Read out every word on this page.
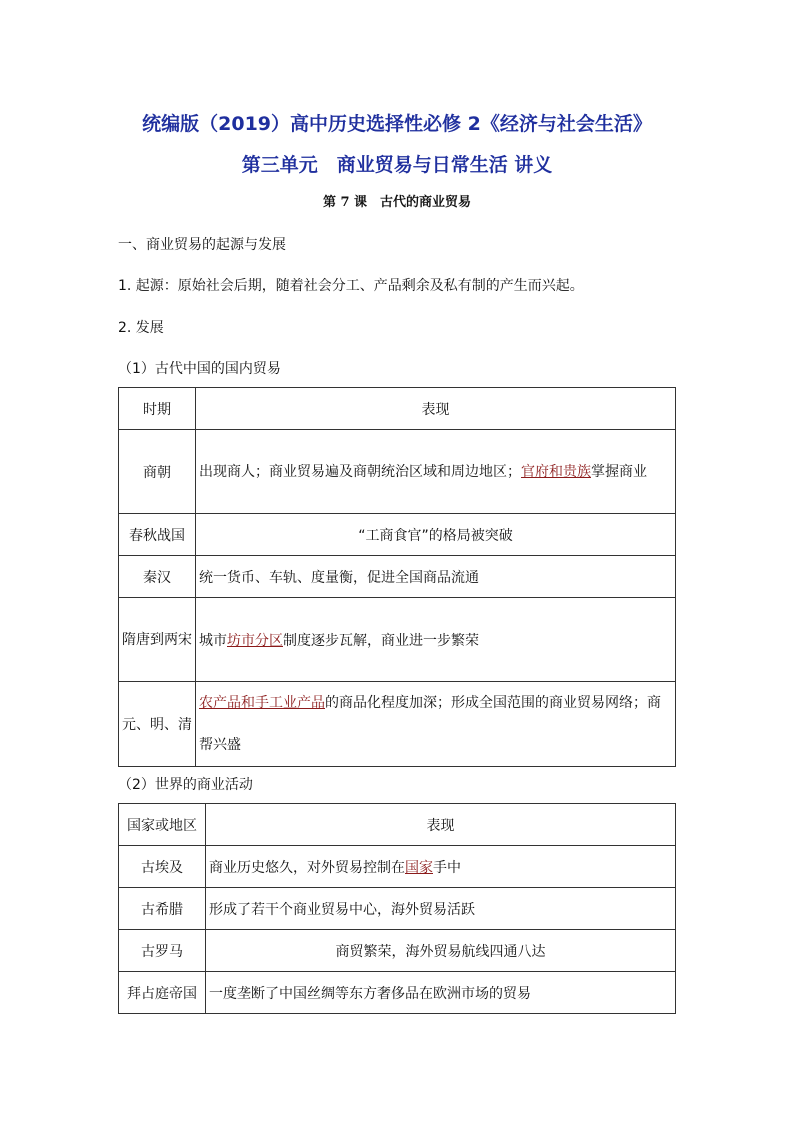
统编版（2019）高中历史选择性必修 2《经济与社会生活》
第三单元　商业贸易与日常生活 讲义
第 7 课　古代的商业贸易
一、商业贸易的起源与发展
1. 起源：原始社会后期，随着社会分工、产品剩余及私有制的产生而兴起。
2. 发展
（1）古代中国的国内贸易
时期	表现
商朝	出现商人；商业贸易遍及商朝统治区域和周边地区；官府和贵族掌握商业
春秋战国	“工商食官”的格局被突破
秦汉	统一货币、车轨、度量衡，促进全国商品流通
隋唐到两宋	城市坊市分区制度逐步瓦解，商业进一步繁荣
元、明、清	农产品和手工业产品的商品化程度加深；形成全国范围的商业贸易网络；商帮兴盛
（2）世界的商业活动
国家或地区	表现
古埃及	商业历史悠久，对外贸易控制在国家手中
古希腊	形成了若干个商业贸易中心，海外贸易活跃
古罗马	商贸繁荣，海外贸易航线四通八达
拜占庭帝国	一度垄断了中国丝绸等东方奢侈品在欧洲市场的贸易
